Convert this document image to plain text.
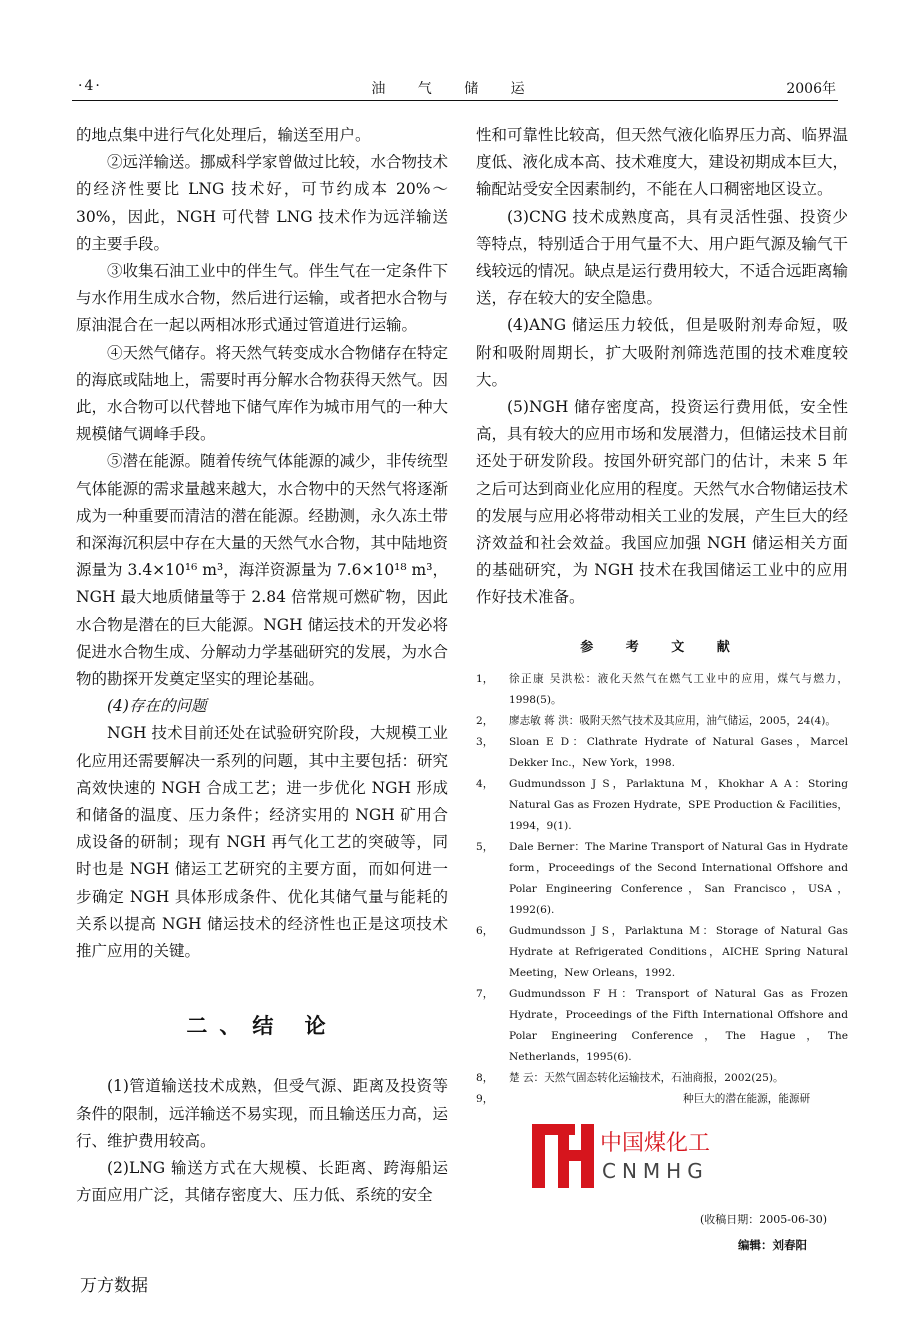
·4·	油 气 储 运	2006年

的地点集中进行气化处理后，输送至用户。

②远洋输送。挪威科学家曾做过比较，水合物技术的经济性要比 LNG 技术好，可节约成本 20%～30%，因此，NGH 可代替 LNG 技术作为远洋输送的主要手段。

③收集石油工业中的伴生气。伴生气在一定条件下与水作用生成水合物，然后进行运输，或者把水合物与原油混合在一起以两相冰形式通过管道进行运输。

④天然气储存。将天然气转变成水合物储存在特定的海底或陆地上，需要时再分解水合物获得天然气。因此，水合物可以代替地下储气库作为城市用气的一种大规模储气调峰手段。

⑤潜在能源。随着传统气体能源的减少，非传统型气体能源的需求量越来越大，水合物中的天然气将逐渐成为一种重要而清洁的潜在能源。经勘测，永久冻土带和深海沉积层中存在大量的天然气水合物，其中陆地资源量为 3.4×10¹⁶ m³，海洋资源量为 7.6×10¹⁸ m³，NGH 最大地质储量等于 2.84 倍常规可燃矿物，因此水合物是潜在的巨大能源。NGH 储运技术的开发必将促进水合物生成、分解动力学基础研究的发展，为水合物的勘探开发奠定坚实的理论基础。

(4)存在的问题

NGH 技术目前还处在试验研究阶段，大规模工业化应用还需要解决一系列的问题，其中主要包括：研究高效快速的 NGH 合成工艺；进一步优化 NGH 形成和储备的温度、压力条件；经济实用的 NGH 矿用合成设备的研制；现有 NGH 再气化工艺的突破等，同时也是 NGH 储运工艺研究的主要方面，而如何进一步确定 NGH 具体形成条件、优化其储气量与能耗的关系以提高 NGH 储运技术的经济性也正是这项技术推广应用的关键。

二、结 论

(1)管道输送技术成熟，但受气源、距离及投资等条件的限制，远洋输送不易实现，而且输送压力高，运行、维护费用较高。

(2)LNG 输送方式在大规模、长距离、跨海船运方面应用广泛，其储存密度大、压力低、系统的安全

性和可靠性比较高，但天然气液化临界压力高、临界温度低、液化成本高、技术难度大，建设初期成本巨大，输配站受安全因素制约，不能在人口稠密地区设立。

(3)CNG 技术成熟度高，具有灵活性强、投资少等特点，特别适合于用气量不大、用户距气源及输气干线较远的情况。缺点是运行费用较大，不适合远距离输送，存在较大的安全隐患。

(4)ANG 储运压力较低，但是吸附剂寿命短，吸附和吸附周期长，扩大吸附剂筛选范围的技术难度较大。

(5)NGH 储存密度高，投资运行费用低，安全性高，具有较大的应用市场和发展潜力，但储运技术目前还处于研发阶段。按国外研究部门的估计，未来 5 年之后可达到商业化应用的程度。天然气水合物储运技术的发展与应用必将带动相关工业的发展，产生巨大的经济效益和社会效益。我国应加强 NGH 储运相关方面的基础研究，为 NGH 技术在我国储运工业中的应用作好技术准备。

参 考 文 献
1， 徐正康 吴洪松：液化天然气在燃气工业中的应用，煤气与燃力，1998(5)。
2， 廖志敏 蒋 洪：吸附天然气技术及其应用，油气储运，2005，24(4)。
3， Sloan E D：Clathrate Hydrate of Natural Gases，Marcel Dekker Inc.，New York，1998.
4， Gudmundsson J S，Parlaktuna M，Khokhar A A：Storing Natural Gas as Frozen Hydrate，SPE Production & Facilities，1994，9(1).
5， Dale Berner：The Marine Transport of Natural Gas in Hydrate form，Proceedings of the Second International Offshore and Polar Engineering Conference，San Francisco，USA，1992(6).
6， Gudmundsson J S，Parlaktuna M：Storage of Natural Gas Hydrate at Refrigerated Conditions，AICHE Spring Natural Meeting，New Orleans，1992.
7， Gudmundsson F H：Transport of Natural Gas as Frozen Hydrate，Proceedings of the Fifth International Offshore and Polar Engineering Conference，The Hague，The Netherlands，1995(6).
8， 楚 云：天然气固态转化运输技术，石油商报，2002(25)。
9，	种巨大的潜在能源，能源研
中国煤化工
CNMHG
(收稿日期：2005-06-30)
编辑：刘春阳
万方数据
